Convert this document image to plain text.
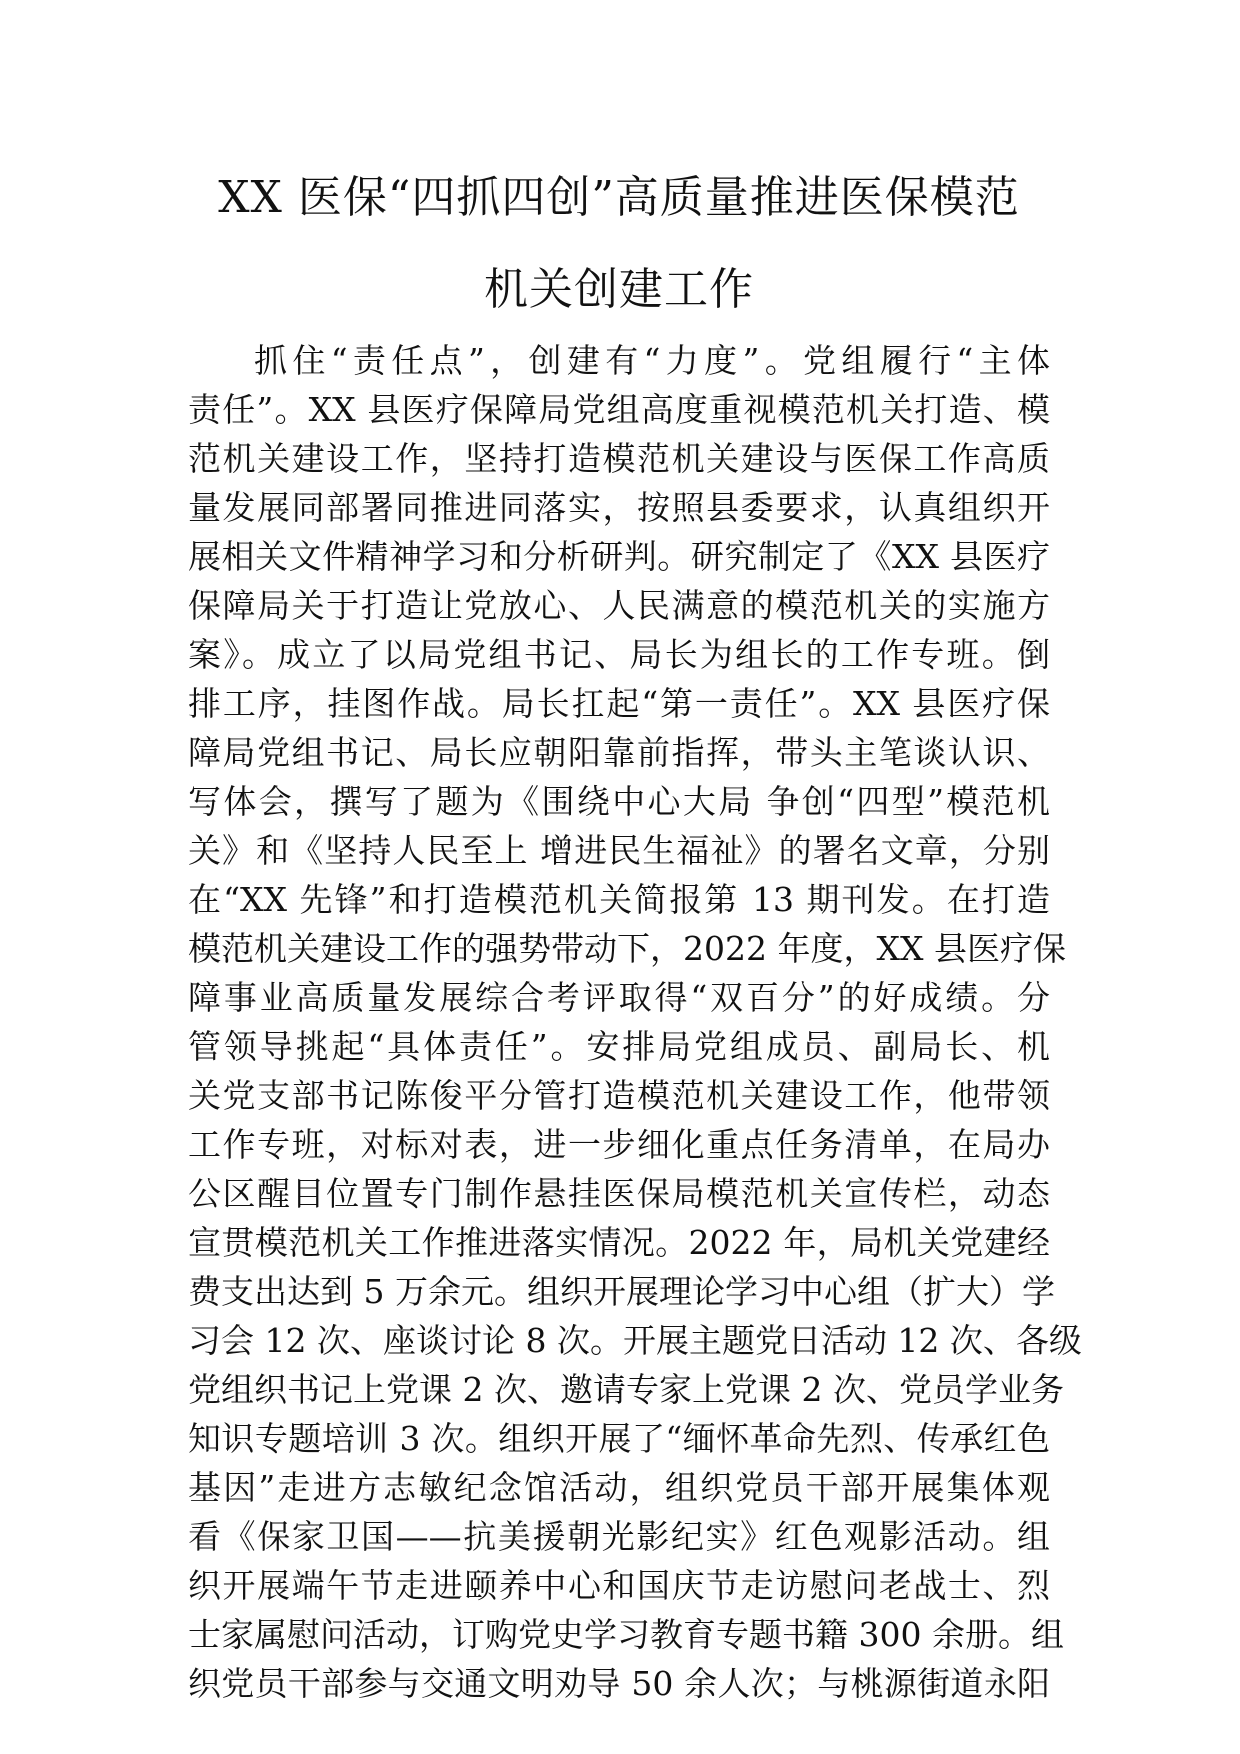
XX 医保“四抓四创”高质量推进医保模范
机关创建工作
抓住“责任点”，创建有“力度”。党组履行“主体
责任”。XX 县医疗保障局党组高度重视模范机关打造、模
范机关建设工作，坚持打造模范机关建设与医保工作高质
量发展同部署同推进同落实，按照县委要求，认真组织开
展相关文件精神学习和分析研判。研究制定了《XX 县医疗
保障局关于打造让党放心、人民满意的模范机关的实施方
案》。成立了以局党组书记、局长为组长的工作专班。倒
排工序，挂图作战。局长扛起“第一责任”。XX 县医疗保
障局党组书记、局长应朝阳靠前指挥，带头主笔谈认识、
写体会，撰写了题为《围绕中心大局 争创“四型”模范机
关》和《坚持人民至上 增进民生福祉》的署名文章，分别
在“XX 先锋”和打造模范机关简报第 13 期刊发。在打造
模范机关建设工作的强势带动下，2022 年度，XX 县医疗保
障事业高质量发展综合考评取得“双百分”的好成绩。分
管领导挑起“具体责任”。安排局党组成员、副局长、机
关党支部书记陈俊平分管打造模范机关建设工作，他带领
工作专班，对标对表，进一步细化重点任务清单，在局办
公区醒目位置专门制作悬挂医保局模范机关宣传栏，动态
宣贯模范机关工作推进落实情况。2022 年，局机关党建经
费支出达到 5 万余元。组织开展理论学习中心组（扩大）学
习会 12 次、座谈讨论 8 次。开展主题党日活动 12 次、各级
党组织书记上党课 2 次、邀请专家上党课 2 次、党员学业务
知识专题培训 3 次。组织开展了“缅怀革命先烈、传承红色
基因”走进方志敏纪念馆活动，组织党员干部开展集体观
看《保家卫国——抗美援朝光影纪实》红色观影活动。组
织开展端午节走进颐养中心和国庆节走访慰问老战士、烈
士家属慰问活动，订购党史学习教育专题书籍 300 余册。组
织党员干部参与交通文明劝导 50 余人次；与桃源街道永阳
